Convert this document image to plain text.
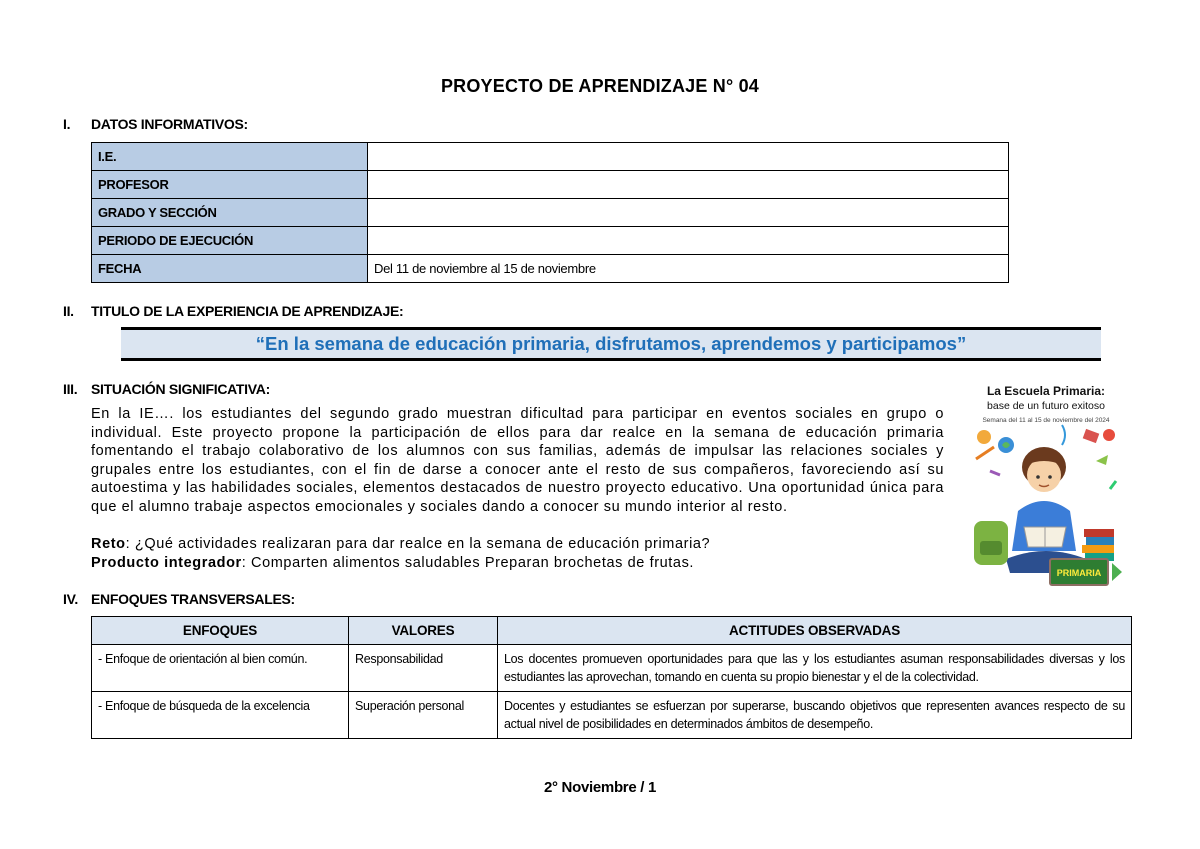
PROYECTO DE APRENDIZAJE N° 04
I. DATOS INFORMATIVOS:
I.E.	
PROFESOR	
GRADO Y SECCIÓN	
PERIODO DE EJECUCIÓN	
FECHA	Del 11 de noviembre al 15 de noviembre
II. TITULO DE LA EXPERIENCIA DE APRENDIZAJE:
“En la semana de educación primaria, disfrutamos, aprendemos y participamos”
III. SITUACIÓN SIGNIFICATIVA:
En la IE…. los estudiantes del segundo grado muestran dificultad para participar en eventos sociales en grupo o individual. Este proyecto propone la participación de ellos para dar realce en la semana de educación primaria fomentando el trabajo colaborativo de los alumnos con sus familias, además de impulsar las relaciones sociales y grupales entre los estudiantes, con el fin de darse a conocer ante el resto de sus compañeros, favoreciendo así su autoestima y las habilidades sociales, elementos destacados de nuestro proyecto educativo. Una oportunidad única para que el alumno trabaje aspectos emocionales y sociales dando a conocer su mundo interior al resto.
Reto: ¿Qué actividades realizaran para dar realce en la semana de educación primaria?
Producto integrador: Comparten alimentos saludables Preparan brochetas de frutas.
La Escuela Primaria:
base de un futuro exitoso
Semana del 11 al 15 de noviembre del 2024
PRIMARIA
IV. ENFOQUES TRANSVERSALES:
ENFOQUES	VALORES	ACTITUDES OBSERVADAS
- Enfoque de orientación al bien común.	Responsabilidad	Los docentes promueven oportunidades para que las y los estudiantes asuman responsabilidades diversas y los estudiantes las aprovechan, tomando en cuenta su propio bienestar y el de la colectividad.
- Enfoque de búsqueda de la excelencia	Superación personal	Docentes y estudiantes se esfuerzan por superarse, buscando objetivos que representen avances respecto de su actual nivel de posibilidades en determinados ámbitos de desempeño.
2° Noviembre / 1
